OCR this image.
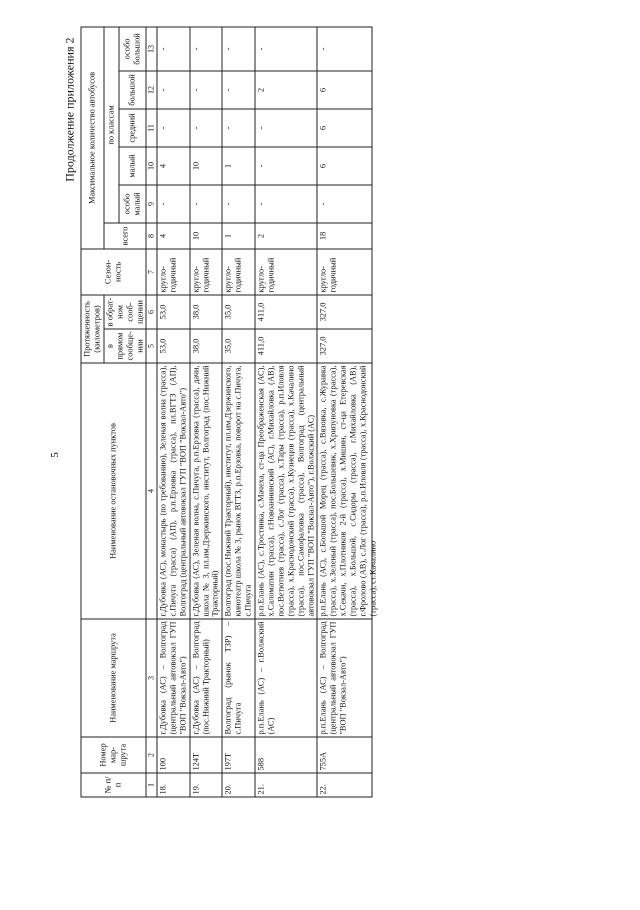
5
Продолжение приложения 2
№ п/п	Номер мар-шрута	Наименование маршрута	Наименование остановочных пунктов	Протяженность (километров)		Сезон-ность	Максимальное количество автобусов					
				в прямом сообще-нии	в обрат-ном сооб-щении		всего	по классам				
								особо малый	малый	средний	большой	особо большой
1	2	3	4	5	6	7	8	9	10	11	12	13
18.	100	г.Дубовка (АС) – Волгоград (центральный автовокзал ГУП "ВОП "Вокзал-Авто")	г.Дубовка (АС), монастырь (по требованию), Зеленая волна (трасса), с.Пичуга (трасса) (АП), р.п.Ерзовка (трасса), пл.ВГТЗ (АП), Волгоград (центральный автовокзал ГУП "ВОП "Вокзал-Авто")	53,0	53,0	кругло-годичный	4	-	4	-	-	-
19.	124Т	г.Дубовка (АС) – Волгоград (пос.Нижний Тракторный)	г.Дубовка (АС), Зеленая волна, с.Пичуга, р.п.Ерзовка (трасса), дачи, школа № 3, пл.им.Дзержинского, институт, Волгоград (пос.Нижний Тракторный)	38,0	38,0	кругло-годичный	10	-	10	-	-	-
20.	197Т	Волгоград (рынок ТЗР) – с.Пичуга	Волгоград (пос.Нижний Тракторный), институт, пл.им.Дзержинского, кинотеатр школа № 3, рынок ВГТЗ, р.п.Ерзовка, поворот на с.Пичуга, с.Пичуга	35,0	35,0	кругло-годичный	1	-	1	-	-	-
21.	588	р.п.Елань (АС) – г.Волжский (АС)	р.п.Елань (АС), с.Тростянка, с.Мачеха, ст-ца Преображенская (АС), х.Саломатин (трасса), г.Новоаннинский (АС), г.Михайловка (АВ), пос.Ветютнев (трасса), с.Лог (трасса), х.Тары (трасса), р.п.Иловля (трасса), х.Краснодонский (трасса), х.Кузнецов (трасса), х.Качалино (трасса), пос.Самофаловка (трасса), Волгоград (центральный автовокзал ГУП "ВОП "Вокзал-Авто"), г.Волжский (АС)	411,0	411,0	кругло-годичный	2	-	-	-	2	-
22.	755А	р.п.Елань (АС) – Волгоград (центральный автовокзал ГУП "ВОП "Вокзал-Авто")	р.п.Елань (АС), с.Большой Морец (трасса), с.Вязовка, с.Журавка (трасса), х.Зеленый (трасса), пос.Большевик, х.Хрипуновка (трасса), х.Секачи, х.Плотников 2-й (трасса), х.Мишин, ст-ца Етеревская (трасса), х.Большой, с.Сидоры (трасса), г.Михайловка (АВ), г.Фролово (АВ), с.Лог (трасса), р.п.Иловля (трасса), х.Краснодонский (трасса), ст.Качалино	327,0	327,0	кругло-годичный	18	-	6	6	6	-
